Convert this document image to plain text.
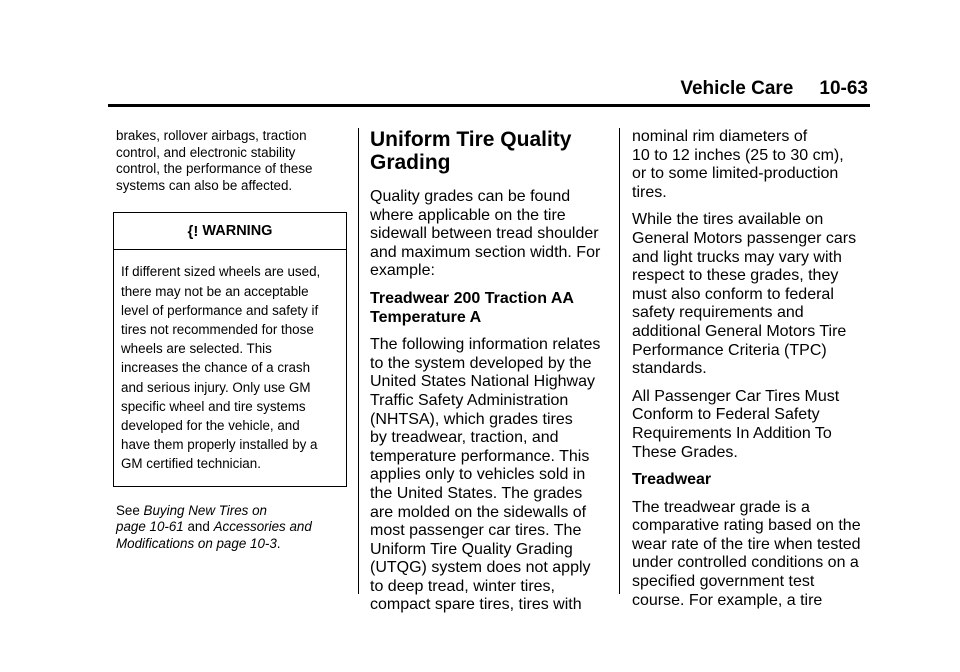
Vehicle Care 10-63

brakes, rollover airbags, traction
control, and electronic stability
control, the performance of these
systems can also be affected.

{! WARNING
If different sized wheels are used,
there may not be an acceptable
level of performance and safety if
tires not recommended for those
wheels are selected. This
increases the chance of a crash
and serious injury. Only use GM
specific wheel and tire systems
developed for the vehicle, and
have them properly installed by a
GM certified technician.

See Buying New Tires on
page 10-61 and Accessories and
Modifications on page 10-3.

Uniform Tire Quality
Grading

Quality grades can be found
where applicable on the tire
sidewall between tread shoulder
and maximum section width. For
example:

Treadwear 200 Traction AA
Temperature A

The following information relates
to the system developed by the
United States National Highway
Traffic Safety Administration
(NHTSA), which grades tires
by treadwear, traction, and
temperature performance. This
applies only to vehicles sold in
the United States. The grades
are molded on the sidewalls of
most passenger car tires. The
Uniform Tire Quality Grading
(UTQG) system does not apply
to deep tread, winter tires,
compact spare tires, tires with

nominal rim diameters of
10 to 12 inches (25 to 30 cm),
or to some limited-production
tires.

While the tires available on
General Motors passenger cars
and light trucks may vary with
respect to these grades, they
must also conform to federal
safety requirements and
additional General Motors Tire
Performance Criteria (TPC)
standards.

All Passenger Car Tires Must
Conform to Federal Safety
Requirements In Addition To
These Grades.

Treadwear

The treadwear grade is a
comparative rating based on the
wear rate of the tire when tested
under controlled conditions on a
specified government test
course. For example, a tire
